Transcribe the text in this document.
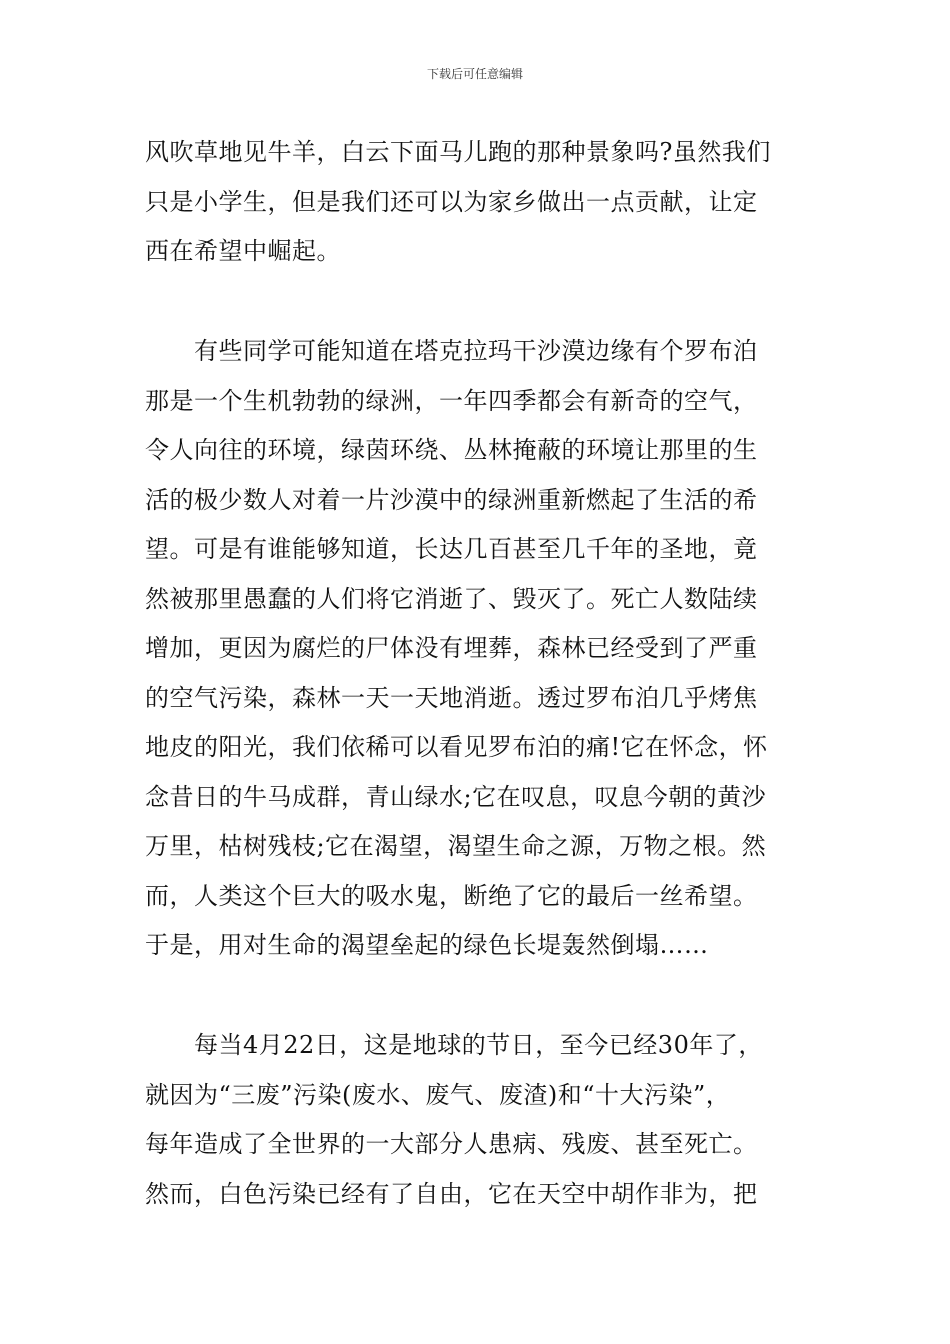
下载后可任意编辑
风吹草地见牛羊，白云下面马儿跑的那种景象吗?虽然我们
只是小学生，但是我们还可以为家乡做出一点贡献，让定
西在希望中崛起。
　　有些同学可能知道在塔克拉玛干沙漠边缘有个罗布泊
那是一个生机勃勃的绿洲，一年四季都会有新奇的空气，
令人向往的环境，绿茵环绕、丛林掩蔽的环境让那里的生
活的极少数人对着一片沙漠中的绿洲重新燃起了生活的希
望。可是有谁能够知道，长达几百甚至几千年的圣地，竟
然被那里愚蠢的人们将它消逝了、毁灭了。死亡人数陆续
增加，更因为腐烂的尸体没有埋葬，森林已经受到了严重
的空气污染，森林一天一天地消逝。透过罗布泊几乎烤焦
地皮的阳光，我们依稀可以看见罗布泊的痛!它在怀念，怀
念昔日的牛马成群，青山绿水;它在叹息，叹息今朝的黄沙
万里，枯树残枝;它在渴望，渴望生命之源，万物之根。然
而，人类这个巨大的吸水鬼，断绝了它的最后一丝希望。
于是，用对生命的渴望垒起的绿色长堤轰然倒塌……
　　每当4月22日，这是地球的节日，至今已经30年了，
就因为“三废”污染(废水、废气、废渣)和“十大污染”，
每年造成了全世界的一大部分人患病、残废、甚至死亡。
然而，白色污染已经有了自由，它在天空中胡作非为，把
